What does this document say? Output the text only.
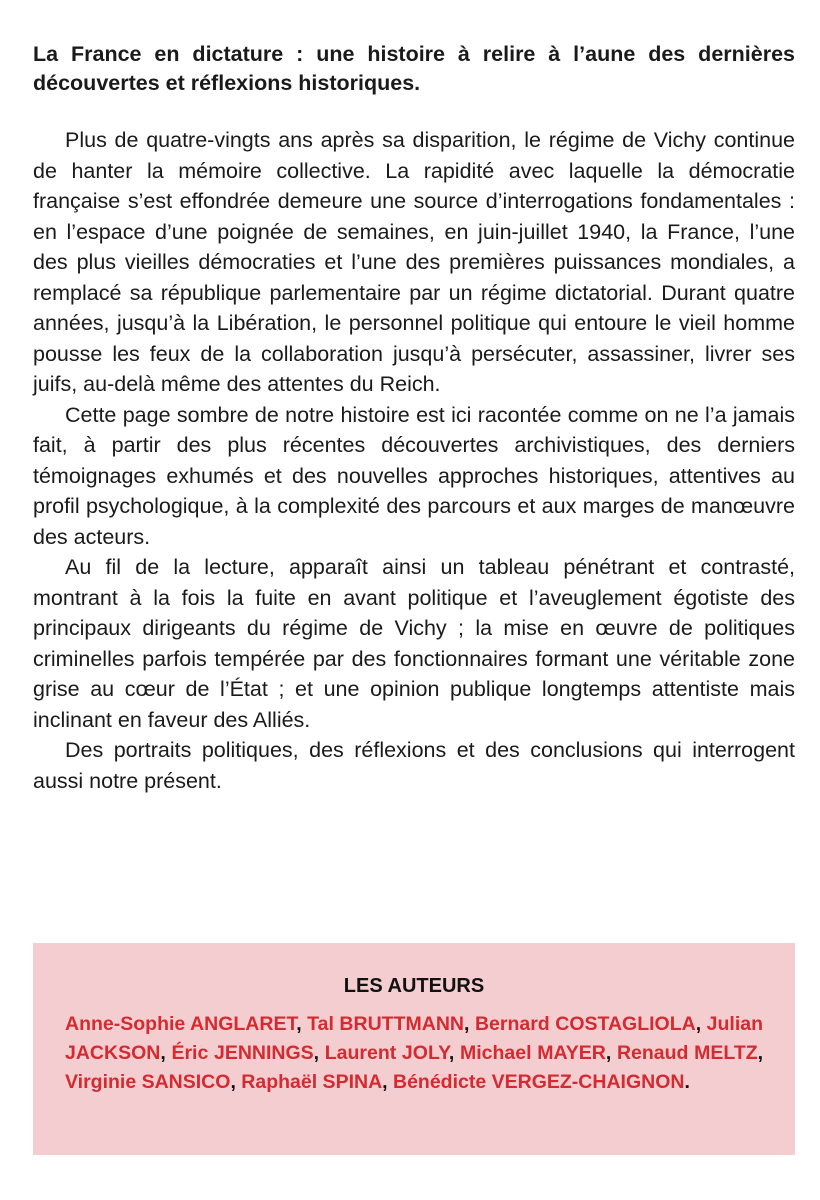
La France en dictature : une histoire à relire à l’aune des dernières découvertes et réflexions historiques.

Plus de quatre-vingts ans après sa disparition, le régime de Vichy continue de hanter la mémoire collective. La rapidité avec laquelle la démocratie française s’est effondrée demeure une source d’interrogations fondamentales : en l’espace d’une poignée de semaines, en juin-juillet 1940, la France, l’une des plus vieilles démocraties et l’une des premières puissances mondiales, a remplacé sa république parlementaire par un régime dictatorial. Durant quatre années, jusqu’à la Libération, le personnel politique qui entoure le vieil homme pousse les feux de la collaboration jusqu’à persécuter, assassiner, livrer ses juifs, au-delà même des attentes du Reich.

Cette page sombre de notre histoire est ici racontée comme on ne l’a jamais fait, à partir des plus récentes découvertes archivistiques, des derniers témoignages exhumés et des nouvelles approches historiques, attentives au profil psychologique, à la complexité des parcours et aux marges de manœuvre des acteurs.

Au fil de la lecture, apparaît ainsi un tableau pénétrant et contrasté, montrant à la fois la fuite en avant politique et l’aveuglement égotiste des principaux dirigeants du régime de Vichy ; la mise en œuvre de politiques criminelles parfois tempérée par des fonctionnaires formant une véritable zone grise au cœur de l’État ; et une opinion publique longtemps attentiste mais inclinant en faveur des Alliés.

Des portraits politiques, des réflexions et des conclusions qui interrogent aussi notre présent.

LES AUTEURS

Anne-Sophie ANGLARET, Tal BRUTTMANN, Bernard COSTAGLIOLA, Julian JACKSON, Éric JENNINGS, Laurent JOLY, Michael MAYER, Renaud MELTZ, Virginie SANSICO, Raphaël SPINA, Bénédicte VERGEZ-CHAIGNON.
